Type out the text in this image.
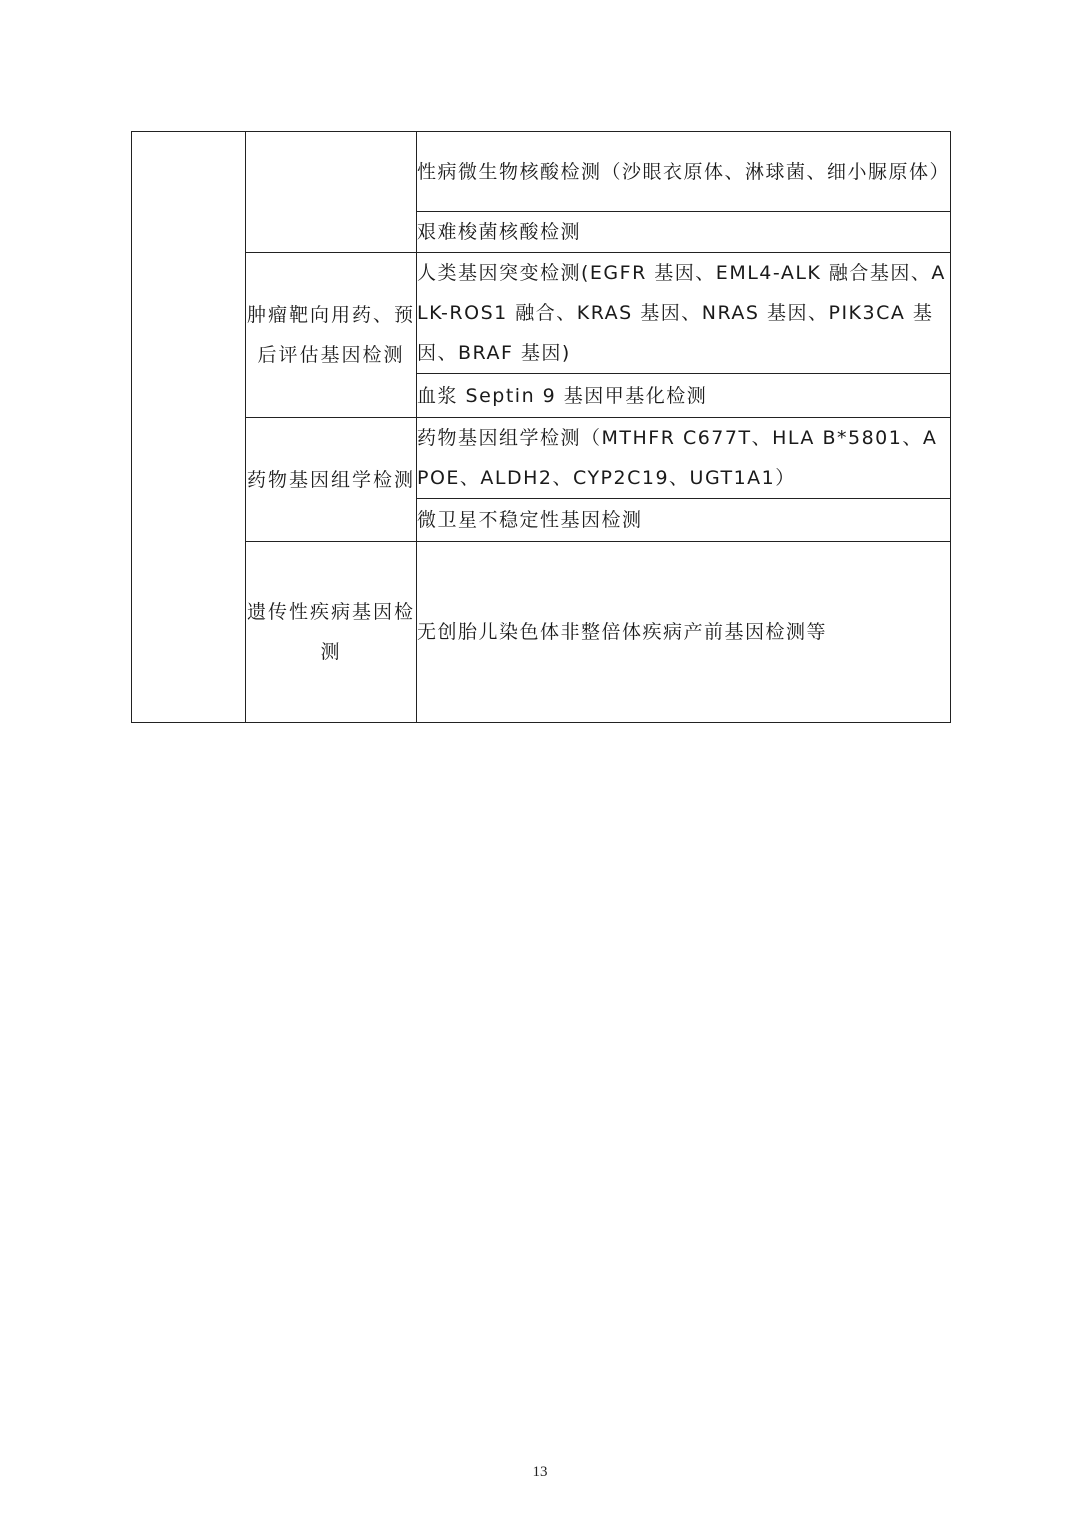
		性病微生物核酸检测（沙眼衣原体、淋球菌、细小脲原体）
		艰难梭菌核酸检测
	肿瘤靶向用药、预后评估基因检测	人类基因突变检测(EGFR 基因、EML4-ALK 融合基因、ALK-ROS1 融合、KRAS 基因、NRAS 基因、PIK3CA 基因、BRAF 基因)
		血浆 Septin 9 基因甲基化检测
	药物基因组学检测	药物基因组学检测（MTHFR C677T、HLA B*5801、APOE、ALDH2、CYP2C19、UGT1A1）
		微卫星不稳定性基因检测
	遗传性疾病基因检测	无创胎儿染色体非整倍体疾病产前基因检测等
13
